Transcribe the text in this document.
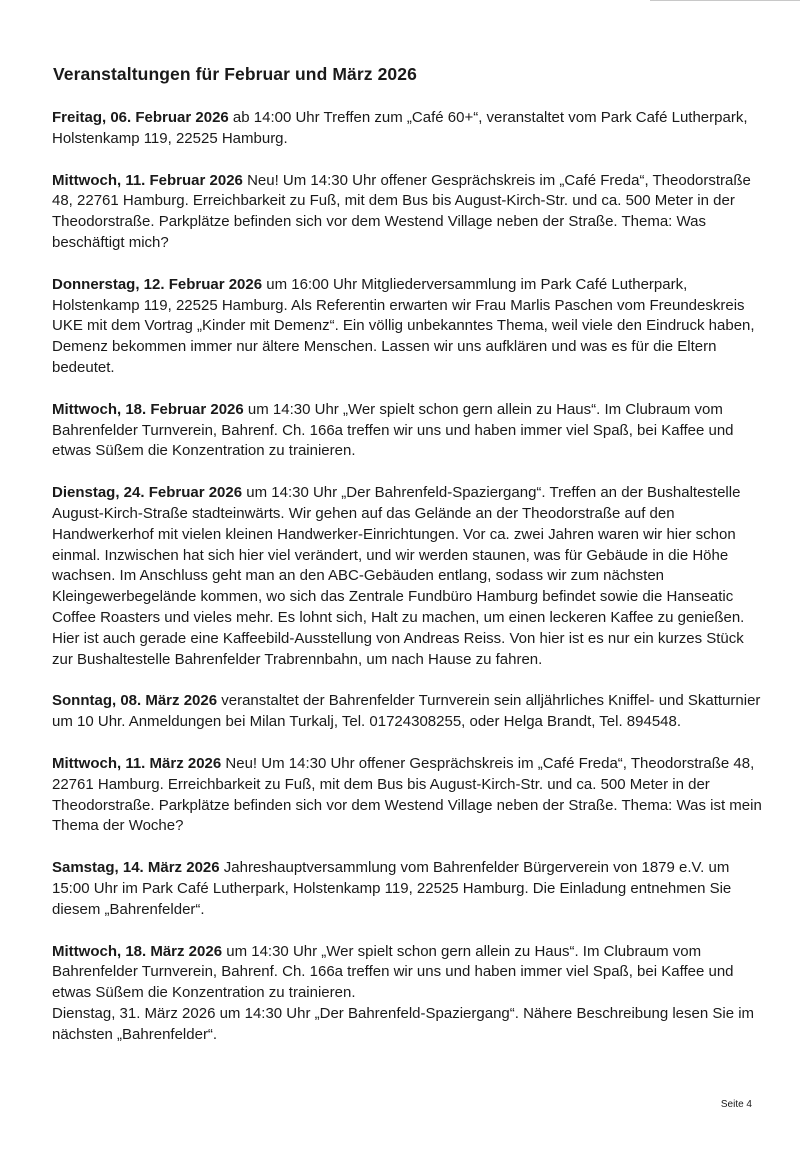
Veranstaltungen für Februar und März 2026

Freitag, 06. Februar 2026 ab 14:00 Uhr Treffen zum „Café 60+“, veranstaltet vom Park Café Lutherpark, Holstenkamp 119, 22525 Hamburg.

Mittwoch, 11. Februar 2026 Neu! Um 14:30 Uhr offener Gesprächskreis im „Café Freda“, Theodorstraße 48, 22761 Hamburg. Erreichbarkeit zu Fuß, mit dem Bus bis August-Kirch-Str. und ca. 500 Meter in der Theodorstraße. Parkplätze befinden sich vor dem Westend Village neben der Straße. Thema: Was beschäftigt mich?

Donnerstag, 12. Februar 2026 um 16:00 Uhr Mitgliederversammlung im Park Café Lutherpark, Holstenkamp 119, 22525 Hamburg. Als Referentin erwarten wir Frau Marlis Paschen vom Freundeskreis UKE mit dem Vortrag „Kinder mit Demenz“. Ein völlig unbekanntes Thema, weil viele den Eindruck haben, Demenz bekommen immer nur ältere Menschen. Lassen wir uns aufklären und was es für die Eltern bedeutet.

Mittwoch, 18. Februar 2026 um 14:30 Uhr „Wer spielt schon gern allein zu Haus“. Im Clubraum vom Bahrenfelder Turnverein, Bahrenf. Ch. 166a treffen wir uns und haben immer viel Spaß, bei Kaffee und etwas Süßem die Konzentration zu trainieren.

Dienstag, 24. Februar 2026 um 14:30 Uhr „Der Bahrenfeld-Spaziergang“. Treffen an der Bushaltestelle August-Kirch-Straße stadteinwärts. Wir gehen auf das Gelände an der Theodorstraße auf den Handwerkerhof mit vielen kleinen Handwerker-Einrichtungen. Vor ca. zwei Jahren waren wir hier schon einmal. Inzwischen hat sich hier viel verändert, und wir werden staunen, was für Gebäude in die Höhe wachsen. Im Anschluss geht man an den ABC-Gebäuden entlang, sodass wir zum nächsten Kleingewerbegelände kommen, wo sich das Zentrale Fundbüro Hamburg befindet sowie die Hanseatic Coffee Roasters und vieles mehr. Es lohnt sich, Halt zu machen, um einen leckeren Kaffee zu genießen. Hier ist auch gerade eine Kaffeebild-Ausstellung von Andreas Reiss. Von hier ist es nur ein kurzes Stück zur Bushaltestelle Bahrenfelder Trabrennbahn, um nach Hause zu fahren.

Sonntag, 08. März 2026 veranstaltet der Bahrenfelder Turnverein sein alljährliches Kniffel- und Skatturnier um 10 Uhr. Anmeldungen bei Milan Turkalj, Tel. 01724308255, oder Helga Brandt, Tel. 894548.

Mittwoch, 11. März 2026 Neu! Um 14:30 Uhr offener Gesprächskreis im „Café Freda“, Theodorstraße 48, 22761 Hamburg. Erreichbarkeit zu Fuß, mit dem Bus bis August-Kirch-Str. und ca. 500 Meter in der Theodorstraße. Parkplätze befinden sich vor dem Westend Village neben der Straße. Thema: Was ist mein Thema der Woche?

Samstag, 14. März 2026 Jahreshauptversammlung vom Bahrenfelder Bürgerverein von 1879 e.V. um 15:00 Uhr im Park Café Lutherpark, Holstenkamp 119, 22525 Hamburg. Die Einladung entnehmen Sie diesem „Bahrenfelder“.

Mittwoch, 18. März 2026 um 14:30 Uhr „Wer spielt schon gern allein zu Haus“. Im Clubraum vom Bahrenfelder Turnverein, Bahrenf. Ch. 166a treffen wir uns und haben immer viel Spaß, bei Kaffee und etwas Süßem die Konzentration zu trainieren.
Dienstag, 31. März 2026 um 14:30 Uhr „Der Bahrenfeld-Spaziergang“. Nähere Beschreibung lesen Sie im nächsten „Bahrenfelder“.

Seite 4
